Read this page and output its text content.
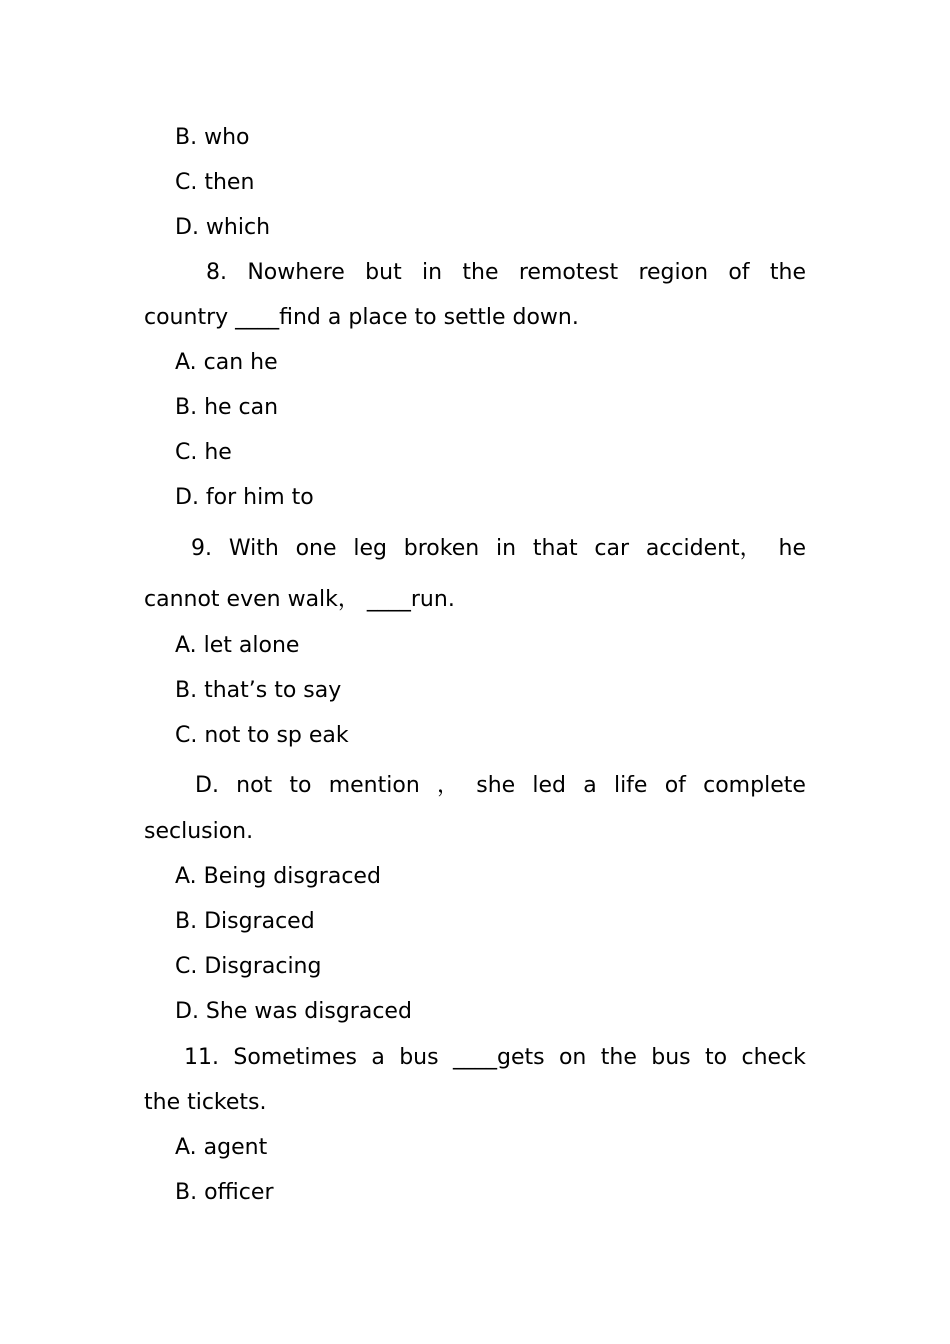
B. who
C. then
D. which
8. Nowhere but in the remotest region of the
country ____find a place to settle down.
A. can he
B. he can
C. he
D. for him to
9. With one leg broken in that car accident， he
cannot even walk， ____run.
A. let alone
B. that’s to say
C. not to sp eak
D. not to mention ， she led a life of complete
seclusion.
A. Being disgraced
B. Disgraced
C. Disgracing
D. She was disgraced
11. Sometimes a bus ____gets on the bus to check
the tickets.
A. agent
B. officer
